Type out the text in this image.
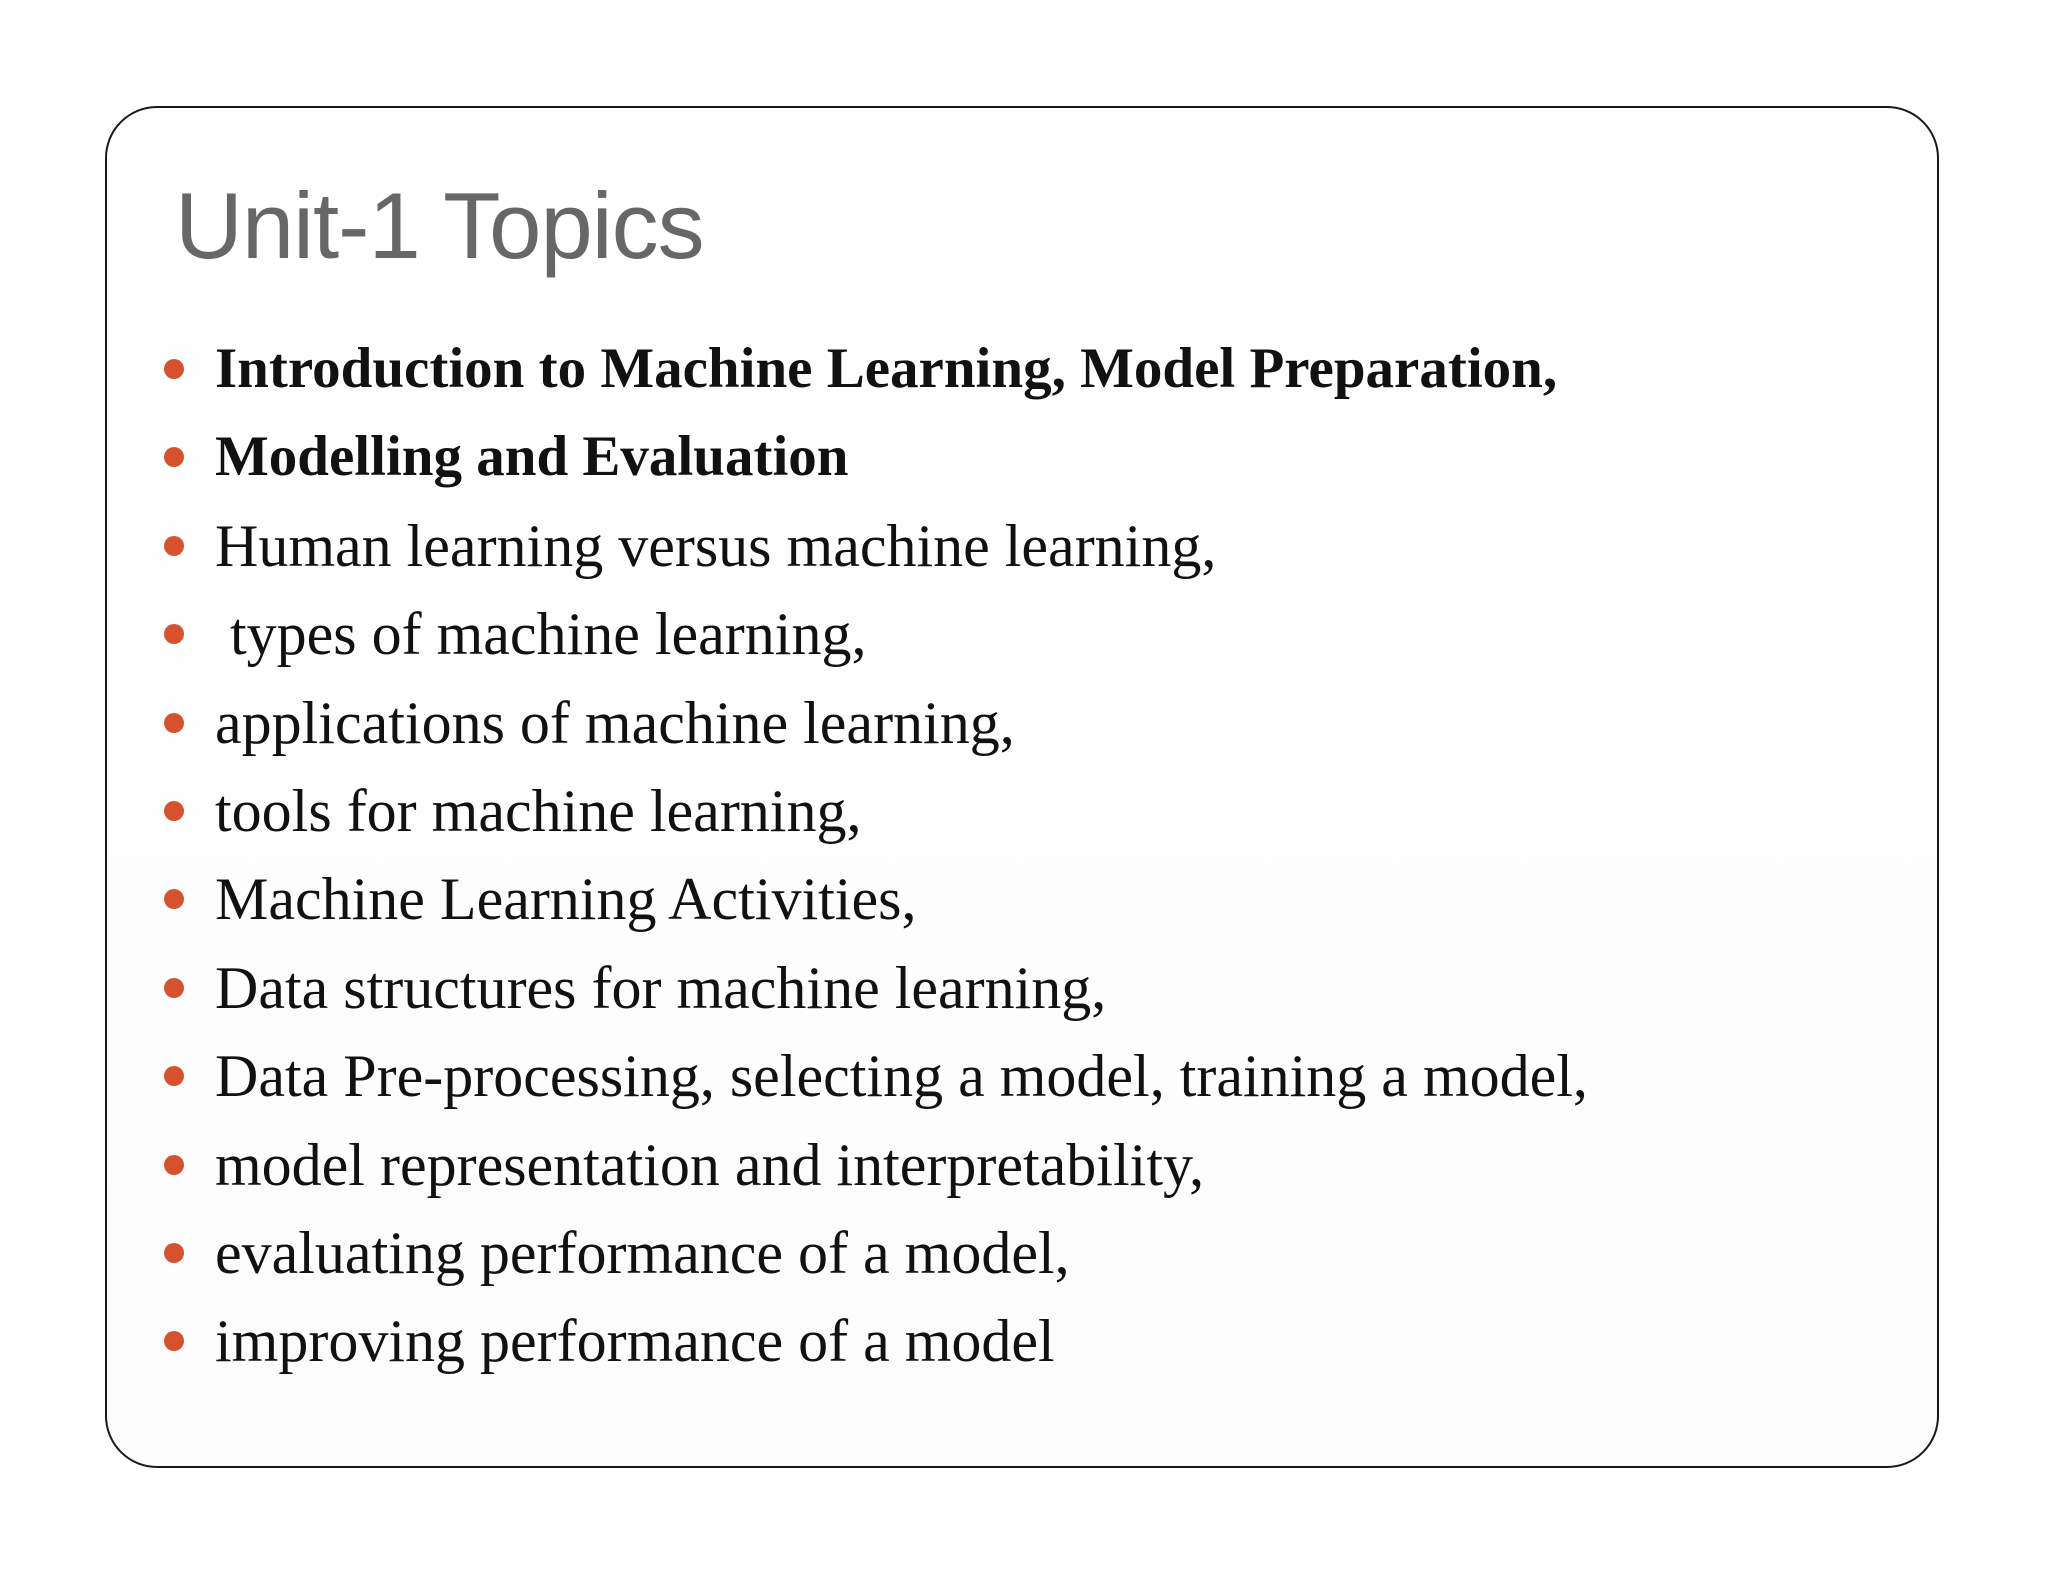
Unit-1 Topics
Introduction to Machine Learning, Model Preparation,
Modelling and Evaluation
Human learning versus machine learning,
types of machine learning,
applications of machine learning,
tools for machine learning,
Machine Learning Activities,
Data structures for machine learning,
Data Pre-processing, selecting a model, training a model,
model representation and interpretability,
evaluating performance of a model,
improving performance of a model
